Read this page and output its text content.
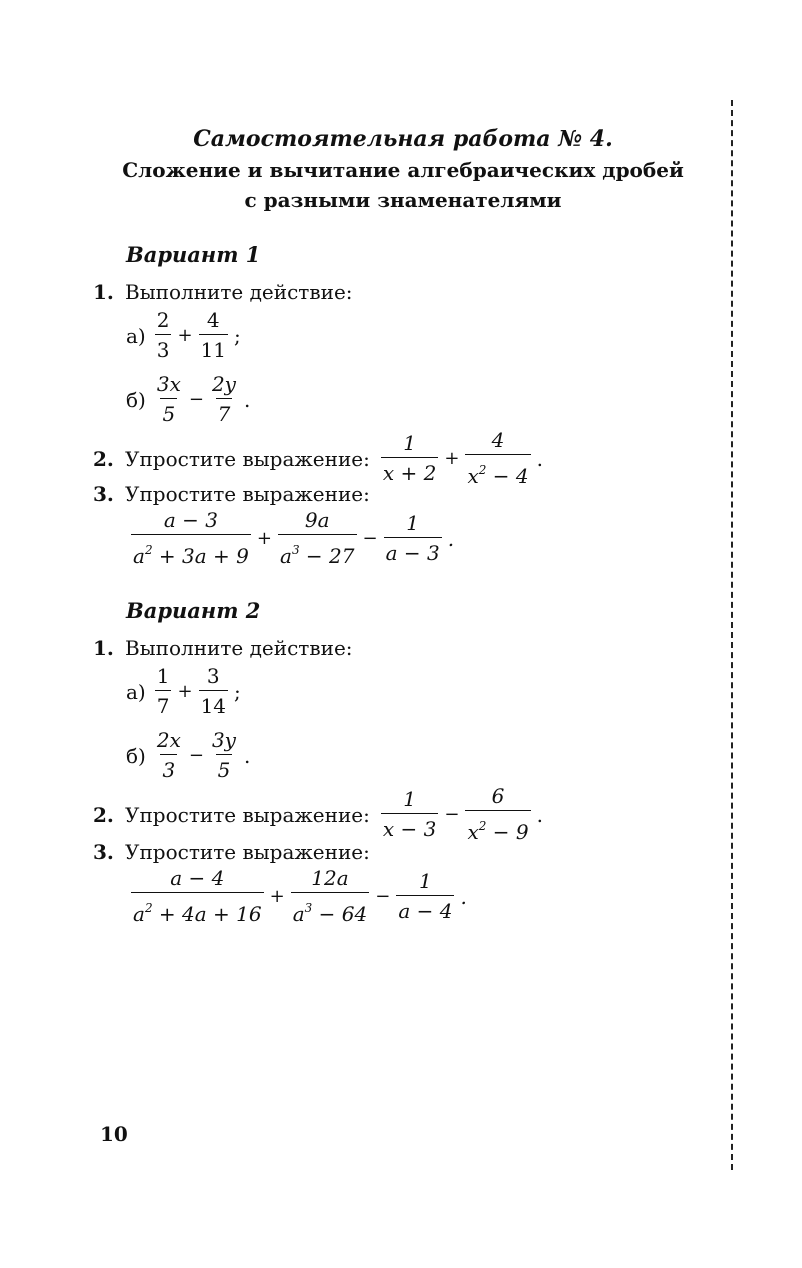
Самостоятельная работа № 4.
Сложение и вычитание алгебраических дробей
с разными знаменателями
Вариант 1
1. Выполните действие:
$а) \frac{2}{3} + \frac{4}{11}$ ;
$б) \frac{3x}{5} - \frac{2y}{7}$ .
2. Упростите выражение: $\frac{1}{x + 2} + \frac{4}{x^2 - 4}$ .
3. Упростите выражение:
$\frac{a - 3}{a^2 + 3a + 9} + \frac{9a}{a^3 - 27} - \frac{1}{a - 3}$ .
Вариант 2
1. Выполните действие:
$а) \frac{1}{7} + \frac{3}{14}$ ;
$б) \frac{2x}{3} - \frac{3y}{5}$ .
2. Упростите выражение: $\frac{1}{x - 3} - \frac{6}{x^2 - 9}$ .
3. Упростите выражение:
$\frac{a - 4}{a^2 + 4a + 16} + \frac{12a}{a^3 - 64} - \frac{1}{a - 4}$ .
10
